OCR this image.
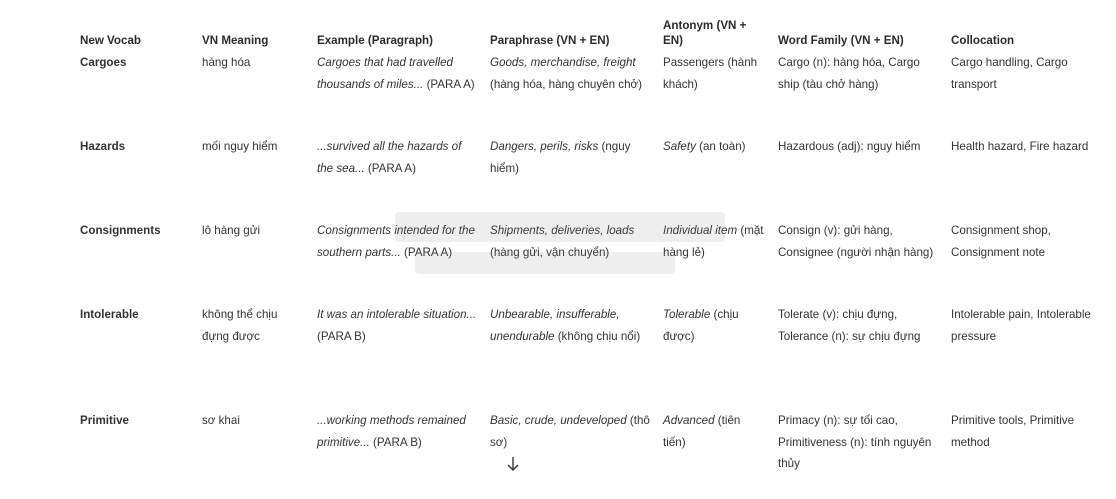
New Vocab	VN Meaning	Example (Paragraph)	Paraphrase (VN + EN)	Antonym (VN + EN)	Word Family (VN + EN)	Collocation
Cargoes	hàng hóa	Cargoes that had travelled thousands of miles... (PARA A)	Goods, merchandise, freight (hàng hóa, hàng chuyên chở)	Passengers (hành khách)	Cargo (n): hàng hóa, Cargo ship (tàu chở hàng)	Cargo handling, Cargo transport
Hazards	mối nguy hiểm	...survived all the hazards of the sea... (PARA A)	Dangers, perils, risks (nguy hiểm)	Safety (an toàn)	Hazardous (adj): nguy hiểm	Health hazard, Fire hazard
Consignments	lô hàng gửi	Consignments intended for the southern parts... (PARA A)	Shipments, deliveries, loads (hàng gửi, vận chuyển)	Individual item (mặt hàng lẻ)	Consign (v): gửi hàng, Consignee (người nhận hàng)	Consignment shop, Consignment note
Intolerable	không thể chịu đựng được	It was an intolerable situation... (PARA B)	Unbearable, insufferable, unendurable (không chịu nổi)	Tolerable (chịu được)	Tolerate (v): chịu đựng, Tolerance (n): sự chịu đựng	Intolerable pain, Intolerable pressure
Primitive	sơ khai	...working methods remained primitive... (PARA B)	Basic, crude, undeveloped (thô sơ)	Advanced (tiên tiến)	Primacy (n): sự tối cao, Primitiveness (n): tính nguyên thủy	Primitive tools, Primitive method
